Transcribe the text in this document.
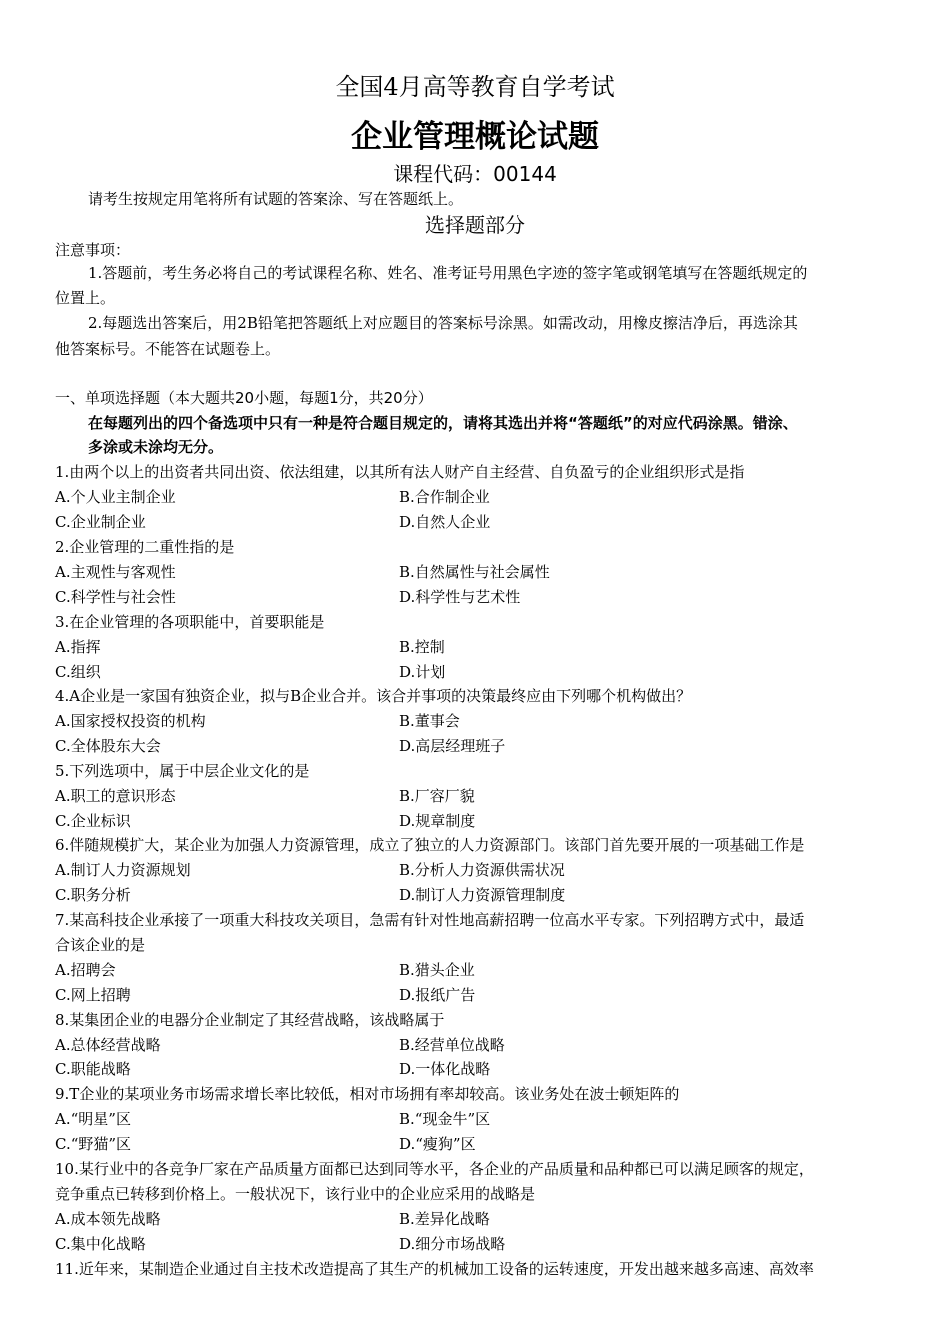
全国4月高等教育自学考试
企业管理概论试题
课程代码：00144
请考生按规定用笔将所有试题的答案涂、写在答题纸上。
选择题部分
注意事项：
1.答题前，考生务必将自己的考试课程名称、姓名、准考证号用黑色字迹的签字笔或钢笔填写在答题纸规定的
位置上。
2.每题选出答案后，用2B铅笔把答题纸上对应题目的答案标号涂黑。如需改动，用橡皮擦洁净后，再选涂其
他答案标号。不能答在试题卷上。
一、单项选择题（本大题共20小题，每题1分，共20分）
在每题列出的四个备选项中只有一种是符合题目规定的，请将其选出并将“答题纸”的对应代码涂黑。错涂、
多涂或未涂均无分。
1.由两个以上的出资者共同出资、依法组建，以其所有法人财产自主经营、自负盈亏的企业组织形式是指
A.个人业主制企业	B.合作制企业
C.企业制企业	D.自然人企业
2.企业管理的二重性指的是
A.主观性与客观性	B.自然属性与社会属性
C.科学性与社会性	D.科学性与艺术性
3.在企业管理的各项职能中，首要职能是
A.指挥	B.控制
C.组织	D.计划
4.A企业是一家国有独资企业，拟与B企业合并。该合并事项的决策最终应由下列哪个机构做出？
A.国家授权投资的机构	B.董事会
C.全体股东大会	D.高层经理班子
5.下列选项中，属于中层企业文化的是
A.职工的意识形态	B.厂容厂貌
C.企业标识	D.规章制度
6.伴随规模扩大，某企业为加强人力资源管理，成立了独立的人力资源部门。该部门首先要开展的一项基础工作是
A.制订人力资源规划	B.分析人力资源供需状况
C.职务分析	D.制订人力资源管理制度
7.某高科技企业承接了一项重大科技攻关项目，急需有针对性地高薪招聘一位高水平专家。下列招聘方式中，最适
合该企业的是
A.招聘会	B.猎头企业
C.网上招聘	D.报纸广告
8.某集团企业的电器分企业制定了其经营战略，该战略属于
A.总体经营战略	B.经营单位战略
C.职能战略	D.一体化战略
9.T企业的某项业务市场需求增长率比较低，相对市场拥有率却较高。该业务处在波士顿矩阵的
A.“明星”区	B.“现金牛”区
C.“野猫”区	D.“瘦狗”区
10.某行业中的各竞争厂家在产品质量方面都已达到同等水平，各企业的产品质量和品种都已可以满足顾客的规定，
竞争重点已转移到价格上。一般状况下，该行业中的企业应采用的战略是
A.成本领先战略	B.差异化战略
C.集中化战略	D.细分市场战略
11.近年来，某制造企业通过自主技术改造提高了其生产的机械加工设备的运转速度，开发出越来越多高速、高效率
